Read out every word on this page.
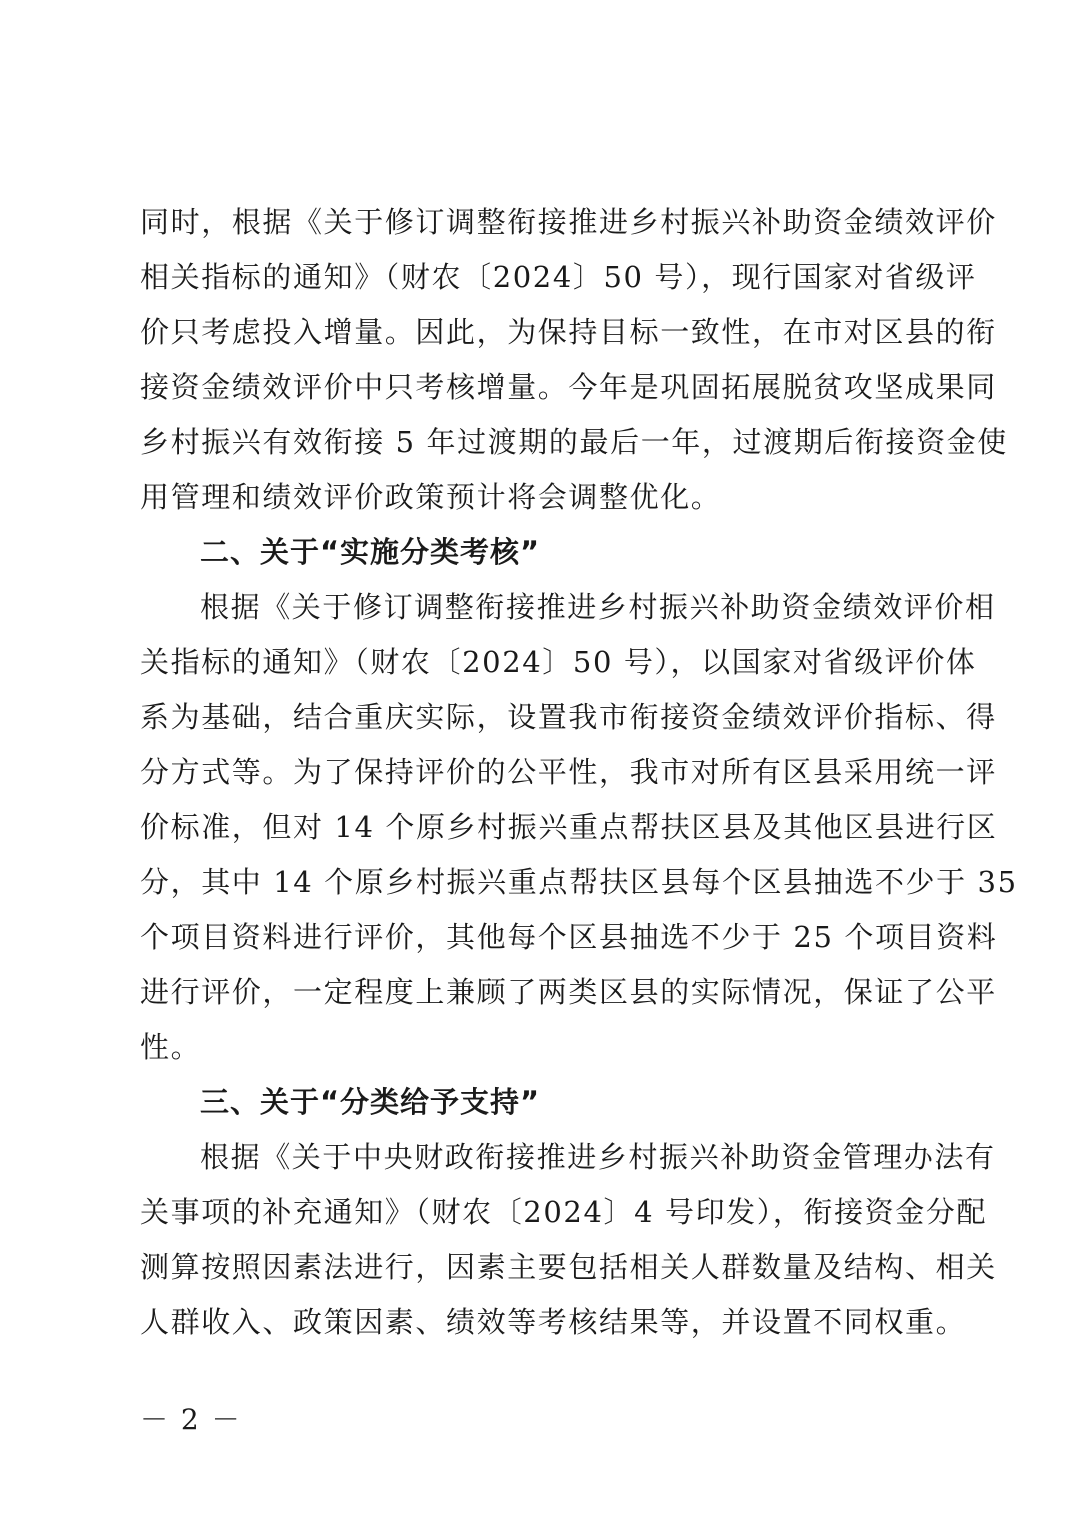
同时，根据《关于修订调整衔接推进乡村振兴补助资金绩效评价
相关指标的通知》（财农〔2024〕50 号），现行国家对省级评
价只考虑投入增量。因此，为保持目标一致性，在市对区县的衔
接资金绩效评价中只考核增量。今年是巩固拓展脱贫攻坚成果同
乡村振兴有效衔接 5 年过渡期的最后一年，过渡期后衔接资金使
用管理和绩效评价政策预计将会调整优化。
二、关于“实施分类考核”
根据《关于修订调整衔接推进乡村振兴补助资金绩效评价相
关指标的通知》（财农〔2024〕50 号），以国家对省级评价体
系为基础，结合重庆实际，设置我市衔接资金绩效评价指标、得
分方式等。为了保持评价的公平性，我市对所有区县采用统一评
价标准，但对 14 个原乡村振兴重点帮扶区县及其他区县进行区
分，其中 14 个原乡村振兴重点帮扶区县每个区县抽选不少于 35
个项目资料进行评价，其他每个区县抽选不少于 25 个项目资料
进行评价，一定程度上兼顾了两类区县的实际情况，保证了公平
性。
三、关于“分类给予支持”
根据《关于中央财政衔接推进乡村振兴补助资金管理办法有
关事项的补充通知》（财农〔2024〕4 号印发），衔接资金分配
测算按照因素法进行，因素主要包括相关人群数量及结构、相关
人群收入、政策因素、绩效等考核结果等，并设置不同权重。
－ 2 －
